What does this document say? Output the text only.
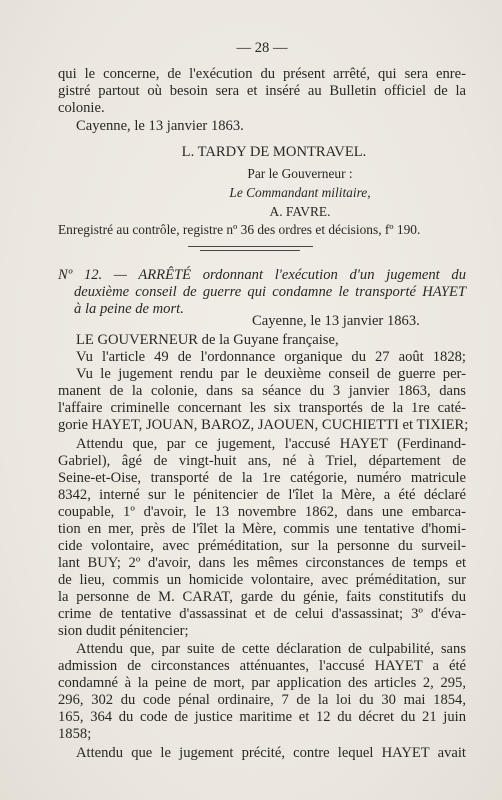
— 28 —
qui le concerne, de l'exécution du présent arrêté, qui sera enre-
gistré partout où besoin sera et inséré au Bulletin officiel de la
colonie.
Cayenne, le 13 janvier 1863.
L. TARDY DE MONTRAVEL.
Par le Gouverneur :
Le Commandant militaire,
A. FAVRE.
Enregistré au contrôle, registre nº 36 des ordres et décisions, fº 190.
Nº 12. — ARRÊTÉ ordonnant l'exécution d'un jugement du
deuxième conseil de guerre qui condamne le transporté HAYET
à la peine de mort.
Cayenne, le 13 janvier 1863.
LE GOUVERNEUR de la Guyane française,
Vu l'article 49 de l'ordonnance organique du 27 août 1828;
Vu le jugement rendu par le deuxième conseil de guerre per-
manent de la colonie, dans sa séance du 3 janvier 1863, dans
l'affaire criminelle concernant les six transportés de la 1re caté-
gorie HAYET, JOUAN, BAROZ, JAOUEN, CUCHIETTI et TIXIER;
Attendu que, par ce jugement, l'accusé HAYET (Ferdinand-
Gabriel), âgé de vingt-huit ans, né à Triel, département de
Seine-et-Oise, transporté de la 1re catégorie, numéro matricule
8342, interné sur le pénitencier de l'îlet la Mère, a été déclaré
coupable, 1º d'avoir, le 13 novembre 1862, dans une embarca-
tion en mer, près de l'îlet la Mère, commis une tentative d'homi-
cide volontaire, avec préméditation, sur la personne du surveil-
lant BUY; 2º d'avoir, dans les mêmes circonstances de temps et
de lieu, commis un homicide volontaire, avec préméditation, sur
la personne de M. CARAT, garde du génie, faits constitutifs du
crime de tentative d'assassinat et de celui d'assassinat; 3º d'éva-
sion dudit pénitencier;
Attendu que, par suite de cette déclaration de culpabilité, sans
admission de circonstances atténuantes, l'accusé HAYET a été
condamné à la peine de mort, par application des articles 2, 295,
296, 302 du code pénal ordinaire, 7 de la loi du 30 mai 1854,
165, 364 du code de justice maritime et 12 du décret du 21 juin
1858;
Attendu que le jugement précité, contre lequel HAYET avait
